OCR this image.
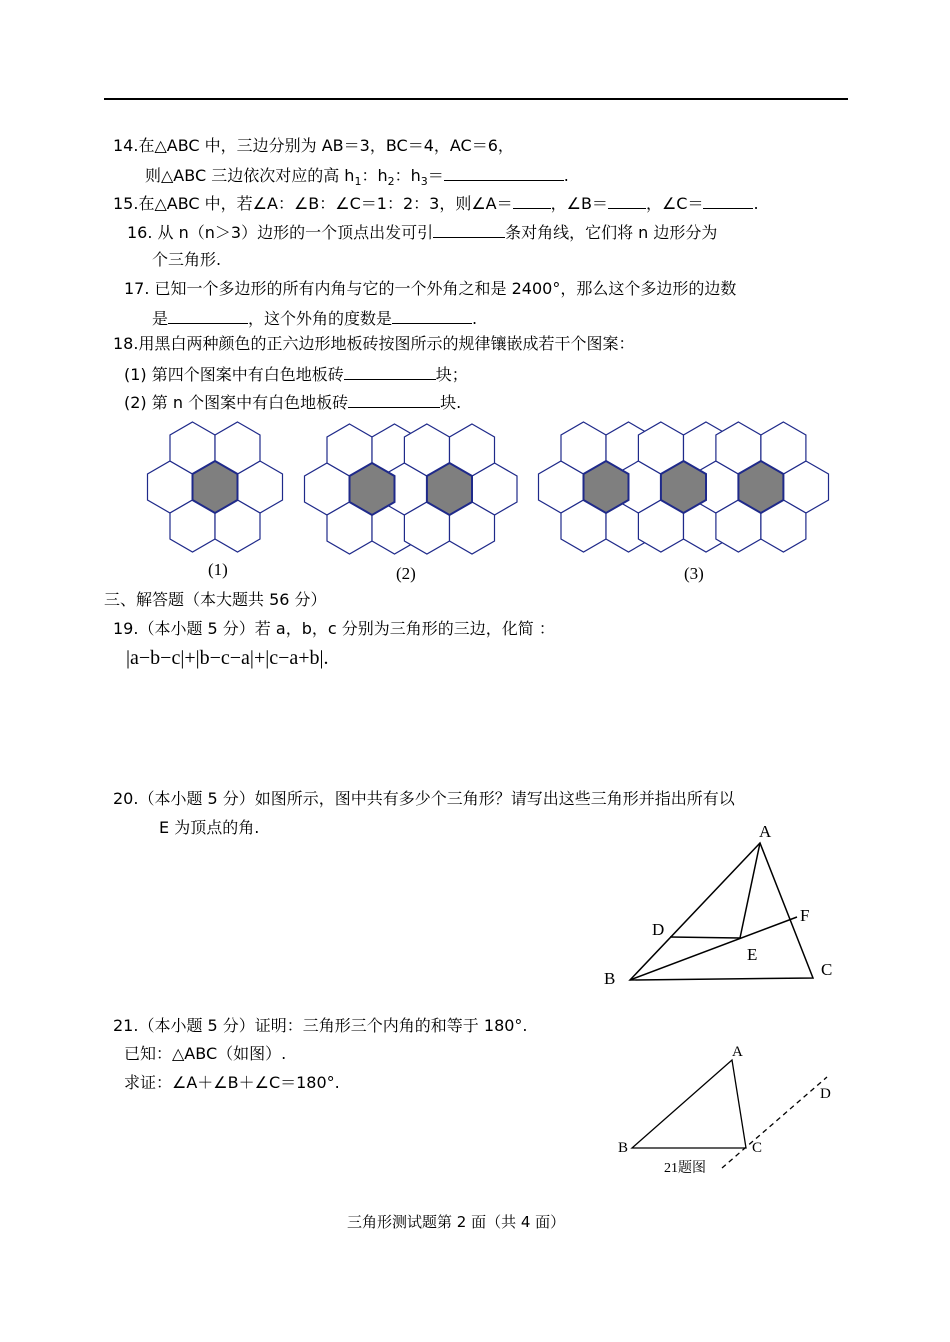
14.在△ABC 中，三边分别为 AB＝3，BC＝4，AC＝6，
则△ABC 三边依次对应的高 $h_1$：$h_2$：$h_3=$	.
15.在△ABC 中，若∠A：∠B：∠C＝1：2：3，则∠A＝ ，∠B＝ ，∠C＝	.
16. 从 n（n＞3）边形的一个顶点出发可引	条对角线，它们将 n 边形分为
个三角形.
17. 已知一个多边形的所有内角与它的一个外角之和是 2400°，那么这个多边形的边数
是	，这个外角的度数是	.
18.用黑白两种颜色的正六边形地板砖按图所示的规律镶嵌成若干个图案：
(1) 第四个图案中有白色地板砖	块；
(2) 第 n 个图案中有白色地板砖	块.
(1)	(2)	(3)
三、解答题（本大题共 56 分）
19.（本小题 5 分）若 a，b，c 分别为三角形的三边，化简 ：
|a−b−c|+|b−c−a|+|c−a+b|.
20.（本小题 5 分）如图所示，图中共有多少个三角形？请写出这些三角形并指出所有以
E 为顶点的角.	A
B	C
D
E
F
21.（本小题 5 分）证明：三角形三个内角的和等于 180°.
已知：△ABC（如图）.
求证：∠A＋∠B＋∠C＝180°.
A
B	C
D
21题图
三角形测试题第 2 面（共 4 面）
